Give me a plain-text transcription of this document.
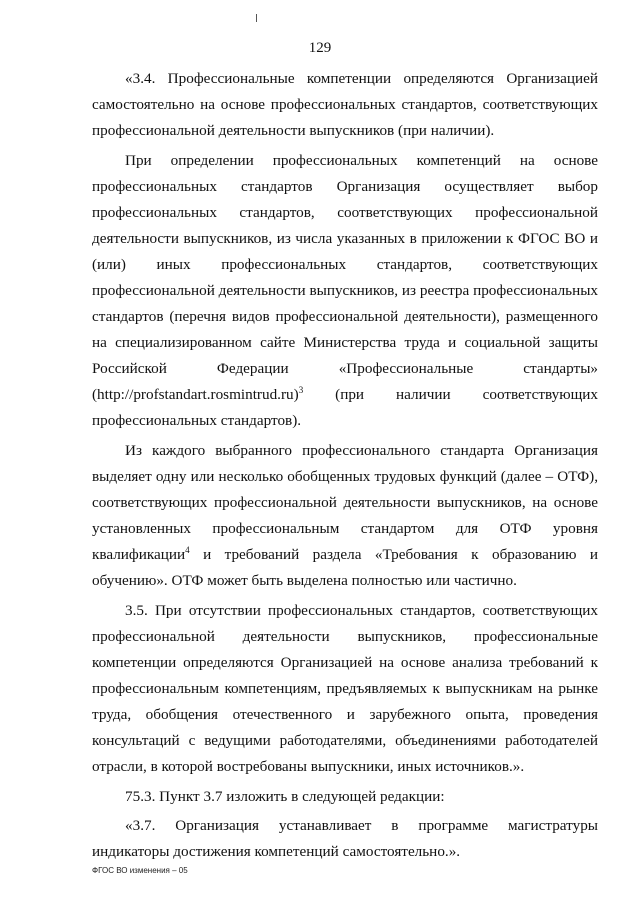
129

«3.4. Профессиональные компетенции определяются Организацией самостоятельно на основе профессиональных стандартов, соответствующих профессиональной деятельности выпускников (при наличии).

При определении профессиональных компетенций на основе профессиональных стандартов Организация осуществляет выбор профессиональных стандартов, соответствующих профессиональной деятельности выпускников, из числа указанных в приложении к ФГОС ВО и (или) иных профессиональных стандартов, соответствующих профессиональной деятельности выпускников, из реестра профессиональных стандартов (перечня видов профессиональной деятельности), размещенного на специализированном сайте Министерства труда и социальной защиты Российской Федерации «Профессиональные стандарты» (http://profstandart.rosmintrud.ru)$^3$ (при наличии соответствующих профессиональных стандартов).

Из каждого выбранного профессионального стандарта Организация выделяет одну или несколько обобщенных трудовых функций (далее – ОТФ), соответствующих профессиональной деятельности выпускников, на основе установленных профессиональным стандартом для ОТФ уровня квалификации$^4$ и требований раздела «Требования к образованию и обучению». ОТФ может быть выделена полностью или частично.

3.5. При отсутствии профессиональных стандартов, соответствующих профессиональной деятельности выпускников, профессиональные компетенции определяются Организацией на основе анализа требований к профессиональным компетенциям, предъявляемых к выпускникам на рынке труда, обобщения отечественного и зарубежного опыта, проведения консультаций с ведущими работодателями, объединениями работодателей отрасли, в которой востребованы выпускники, иных источников.».

75.3. Пункт 3.7 изложить в следующей редакции:

«3.7. Организация устанавливает в программе магистратуры индикаторы достижения компетенций самостоятельно.».

ФГОС ВО изменения – 05
